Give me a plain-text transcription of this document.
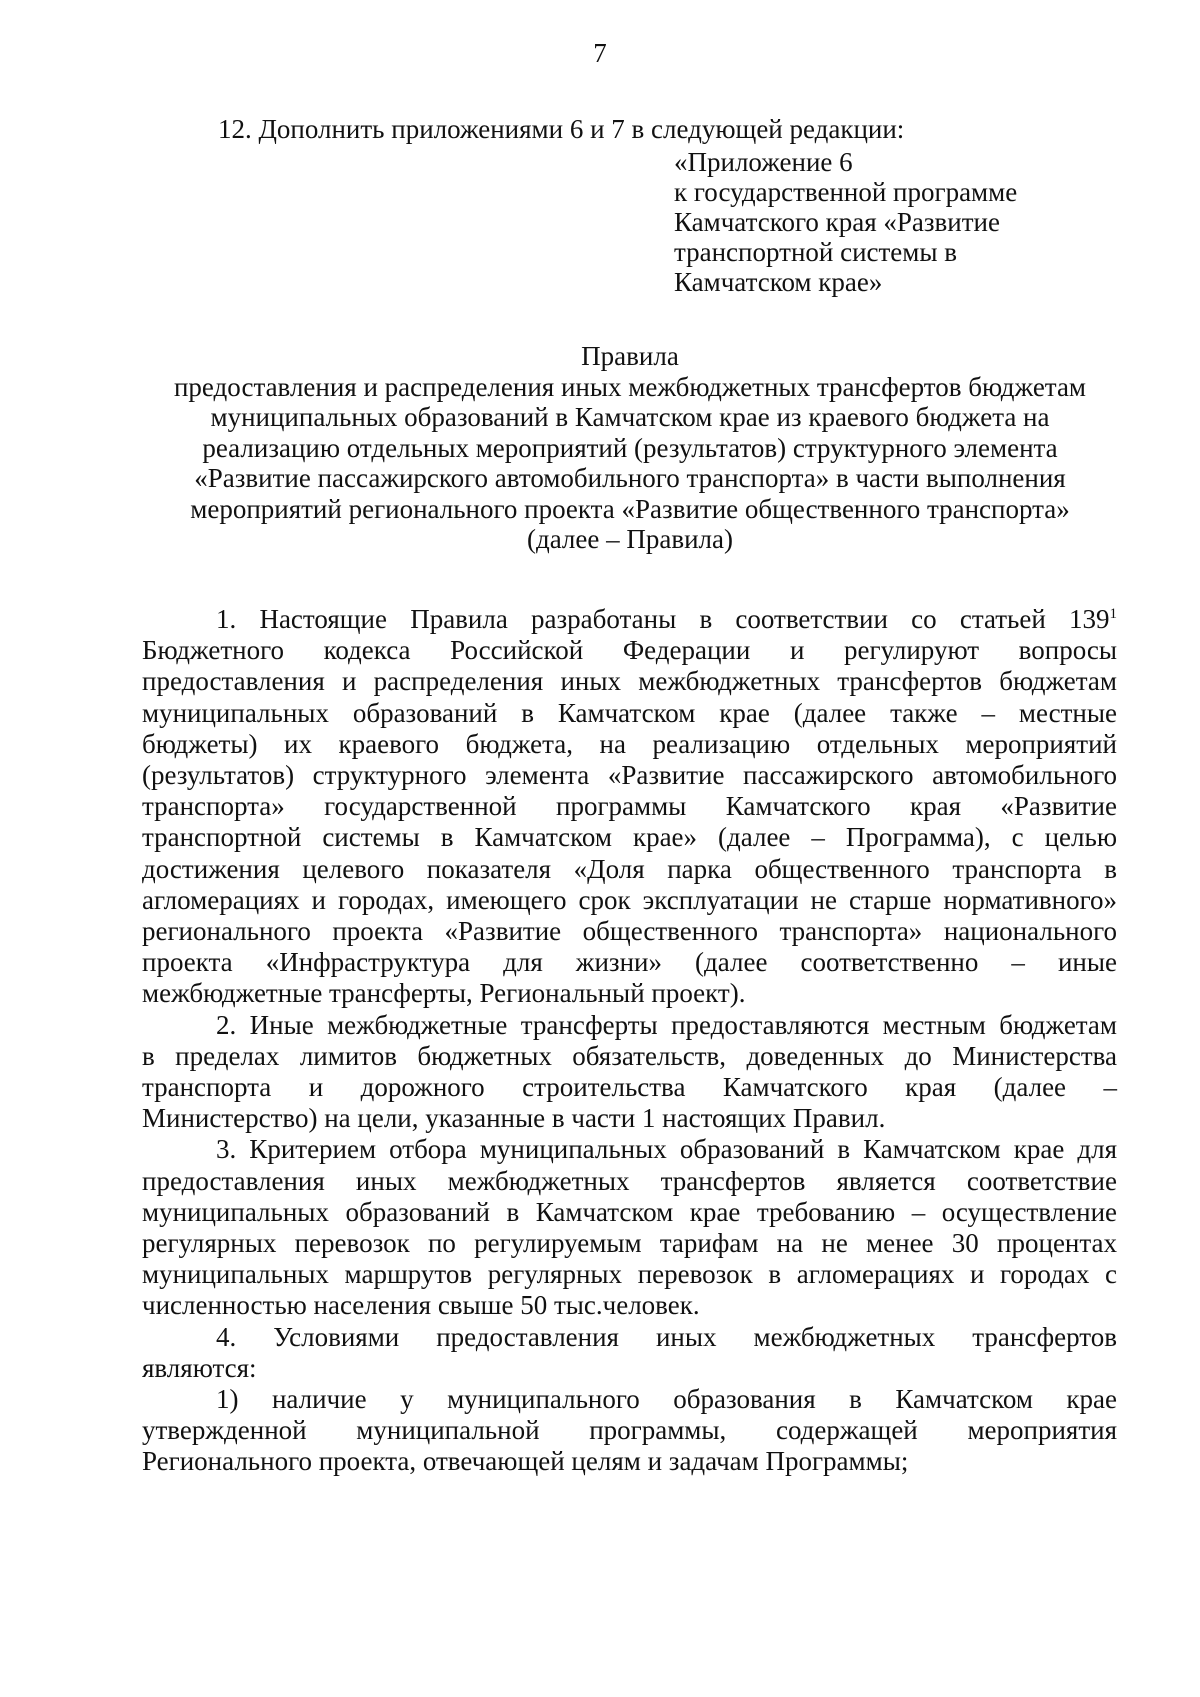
7
12. Дополнить приложениями 6 и 7 в следующей редакции:
«Приложение 6
к государственной программе
Камчатского края «Развитие
транспортной системы в
Камчатском крае»
Правила
предоставления и распределения иных межбюджетных трансфертов бюджетам
муниципальных образований в Камчатском крае из краевого бюджета на
реализацию отдельных мероприятий (результатов) структурного элемента
«Развитие пассажирского автомобильного транспорта» в части выполнения
мероприятий регионального проекта «Развитие общественного транспорта»
(далее – Правила)
1. Настоящие Правила разработаны в соответствии со статьей $139^1$
Бюджетного кодекса Российской Федерации и регулируют вопросы
предоставления и распределения иных межбюджетных трансфертов бюджетам
муниципальных образований в Камчатском крае (далее также – местные
бюджеты) их краевого бюджета, на реализацию отдельных мероприятий
(результатов) структурного элемента «Развитие пассажирского автомобильного
транспорта» государственной программы Камчатского края «Развитие
транспортной системы в Камчатском крае» (далее – Программа), с целью
достижения целевого показателя «Доля парка общественного транспорта в
агломерациях и городах, имеющего срок эксплуатации не старше нормативного»
регионального проекта «Развитие общественного транспорта» национального
проекта «Инфраструктура для жизни» (далее соответственно – иные
межбюджетные трансферты, Региональный проект).
2. Иные межбюджетные трансферты предоставляются местным бюджетам
в пределах лимитов бюджетных обязательств, доведенных до Министерства
транспорта и дорожного строительства Камчатского края (далее –
Министерство) на цели, указанные в части 1 настоящих Правил.
3. Критерием отбора муниципальных образований в Камчатском крае для
предоставления иных межбюджетных трансфертов является соответствие
муниципальных образований в Камчатском крае требованию – осуществление
регулярных перевозок по регулируемым тарифам на не менее 30 процентах
муниципальных маршрутов регулярных перевозок в агломерациях и городах с
численностью населения свыше 50 тыс.человек.
4. Условиями предоставления иных межбюджетных трансфертов
являются:
1) наличие у муниципального образования в Камчатском крае
утвержденной муниципальной программы, содержащей мероприятия
Регионального проекта, отвечающей целям и задачам Программы;
